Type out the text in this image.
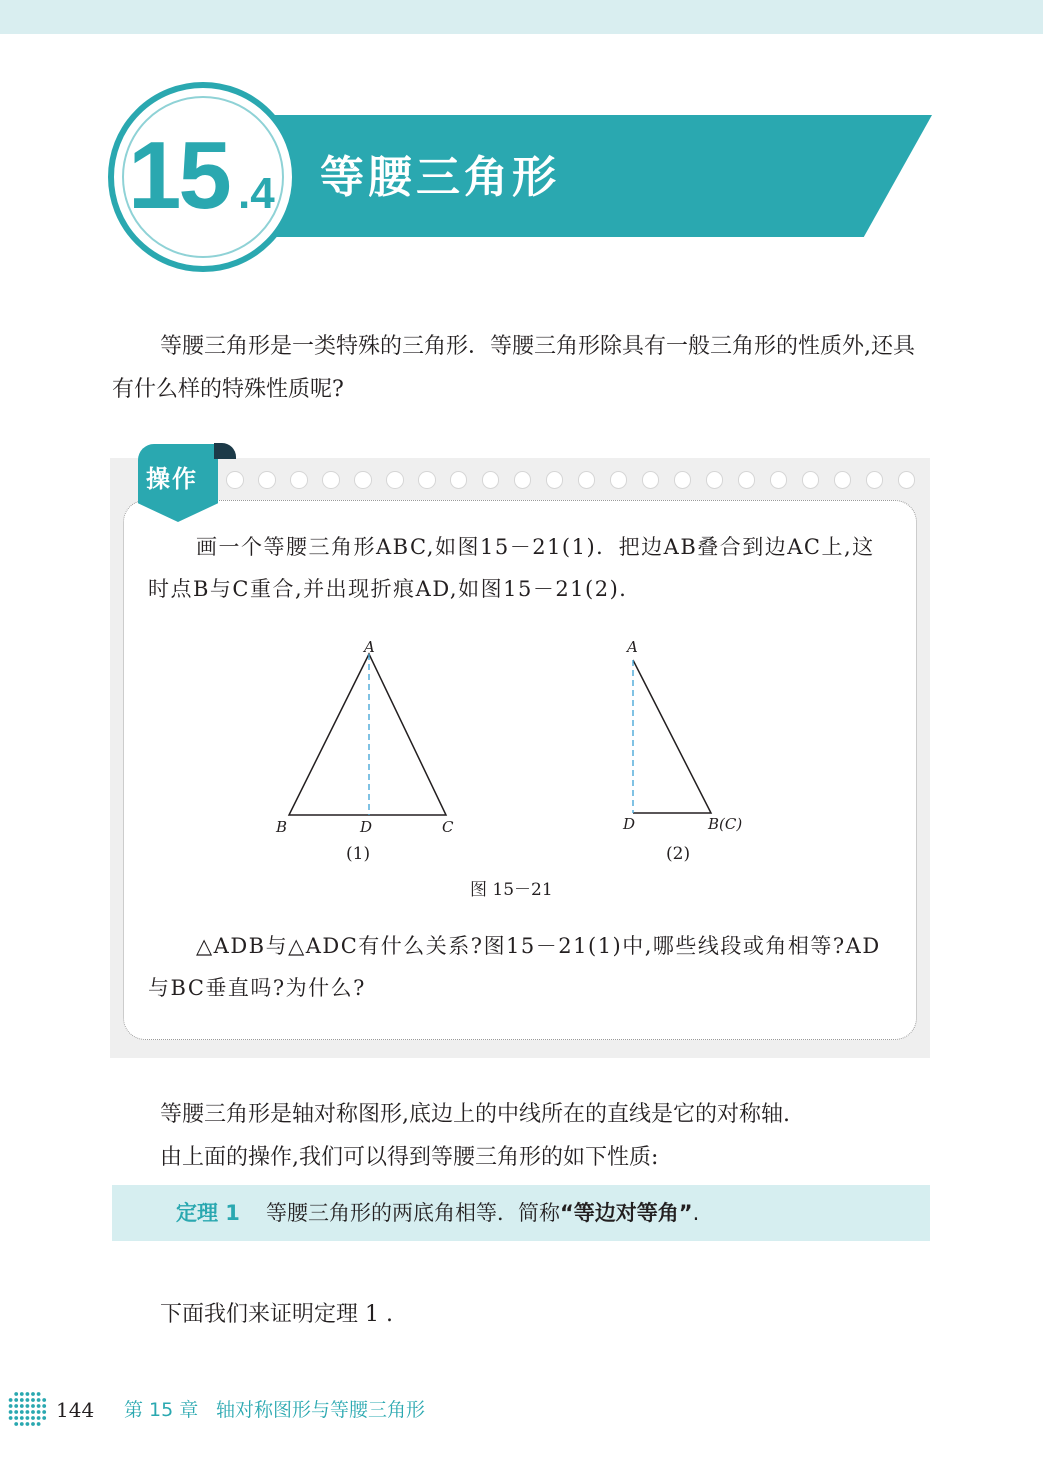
15 .4 等腰三角形
等腰三角形是一类特殊的三角形．等腰三角形除具有一般三角形的性质外,还具有什么样的特殊性质呢?
操作
画一个等腰三角形ABC,如图15－21(1)．把边AB叠合到边AC上,这时点B与C重合,并出现折痕AD,如图15－21(2)．
A
B	D	C
A
D	B(C)
(1)	(2)
图 15－21
△ADB与△ADC有什么关系?图15－21(1)中,哪些线段或角相等?AD与BC垂直吗?为什么?
等腰三角形是轴对称图形,底边上的中线所在的直线是它的对称轴.
由上面的操作,我们可以得到等腰三角形的如下性质:
定理 1 等腰三角形的两底角相等．简称“等边对等角”.
下面我们来证明定理 1 .
144 第 15 章 轴对称图形与等腰三角形
